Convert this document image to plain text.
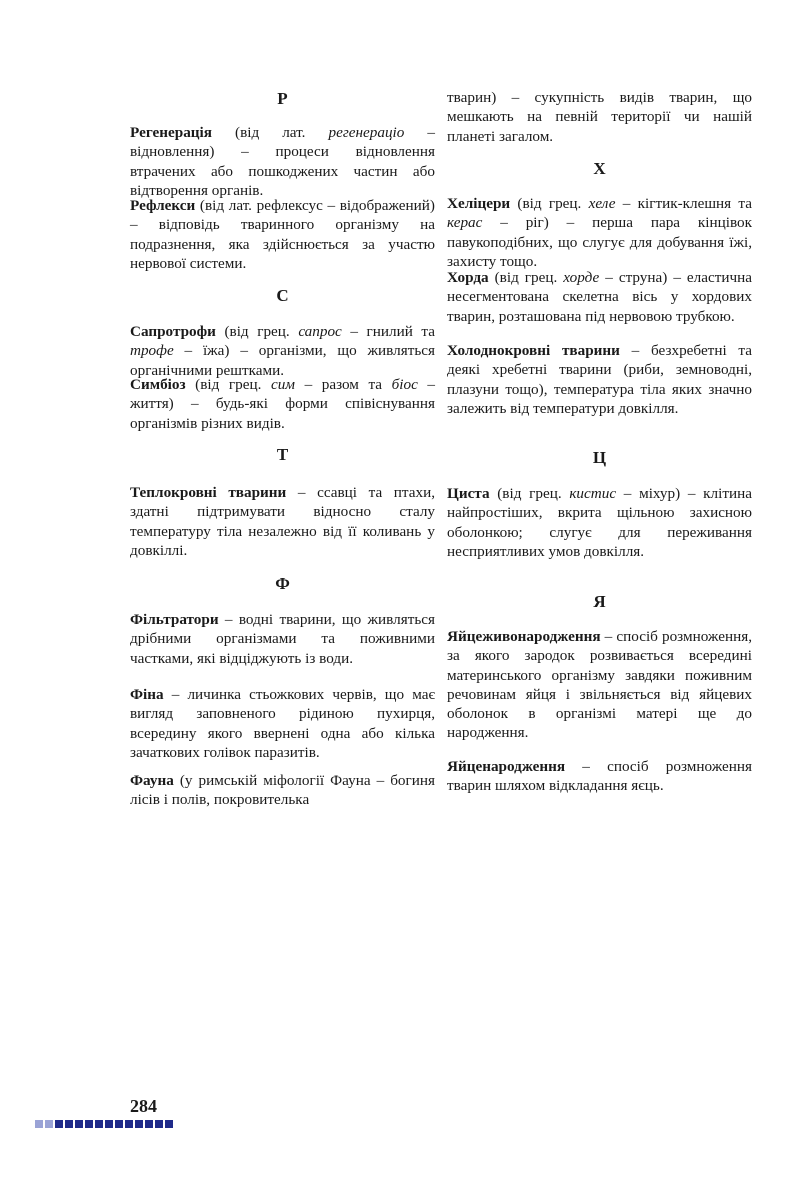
Р
Регенерація (від лат. регенераціо – відновлення) – процеси відновлення втрачених або пошкоджених частин або відтворення органів.
Рефлекси (від лат. рефлексус – відображений) – відповідь тваринного організму на подразнення, яка здійснюється за участю нервової системи.
С
Сапротрофи (від грец. сапрос – гнилий та трофе – їжа) – організми, що живляться органічними рештками.
Симбіоз (від грец. сим – разом та біос – життя) – будь-які форми співіснування організмів різних видів.
Т
Теплокровні тварини – ссавці та птахи, здатні підтримувати відносно сталу температуру тіла незалежно від її коливань у довкіллі.
Ф
Фільтратори – водні тварини, що живляться дрібними організмами та поживними частками, які відціджують із води.
Фіна – личинка стьожкових червів, що має вигляд заповненого рідиною пухирця, всередину якого ввернені одна або кілька зачаткових голівок паразитів.
Фауна (у римській міфології Фауна – богиня лісів і полів, покровителька
тварин) – сукупність видів тварин, що мешкають на певній території чи нашій планеті загалом.
Х
Хеліцери (від грец. хеле – кігтик-клешня та керас – ріг) – перша пара кінцівок павукоподібних, що слугує для добування їжі, захисту тощо.
Хорда (від грец. хорде – струна) – еластична несегментована скелетна вісь у хордових тварин, розташована під нервовою трубкою.
Холоднокровні тварини – безхребетні та деякі хребетні тварини (риби, земноводні, плазуни тощо), температура тіла яких значно залежить від температури довкілля.
Ц
Циста (від грец. кистис – міхур) – клітина найпростіших, вкрита щільною захисною оболонкою; слугує для переживання несприятливих умов довкілля.
Я
Яйцеживонародження – спосіб розмноження, за якого зародок розвивається всередині материнського організму завдяки поживним речовинам яйця і звільняється від яйцевих оболонок в організмі матері ще до народження.
Яйценародження – спосіб розмноження тварин шляхом відкладання яєць.
284
